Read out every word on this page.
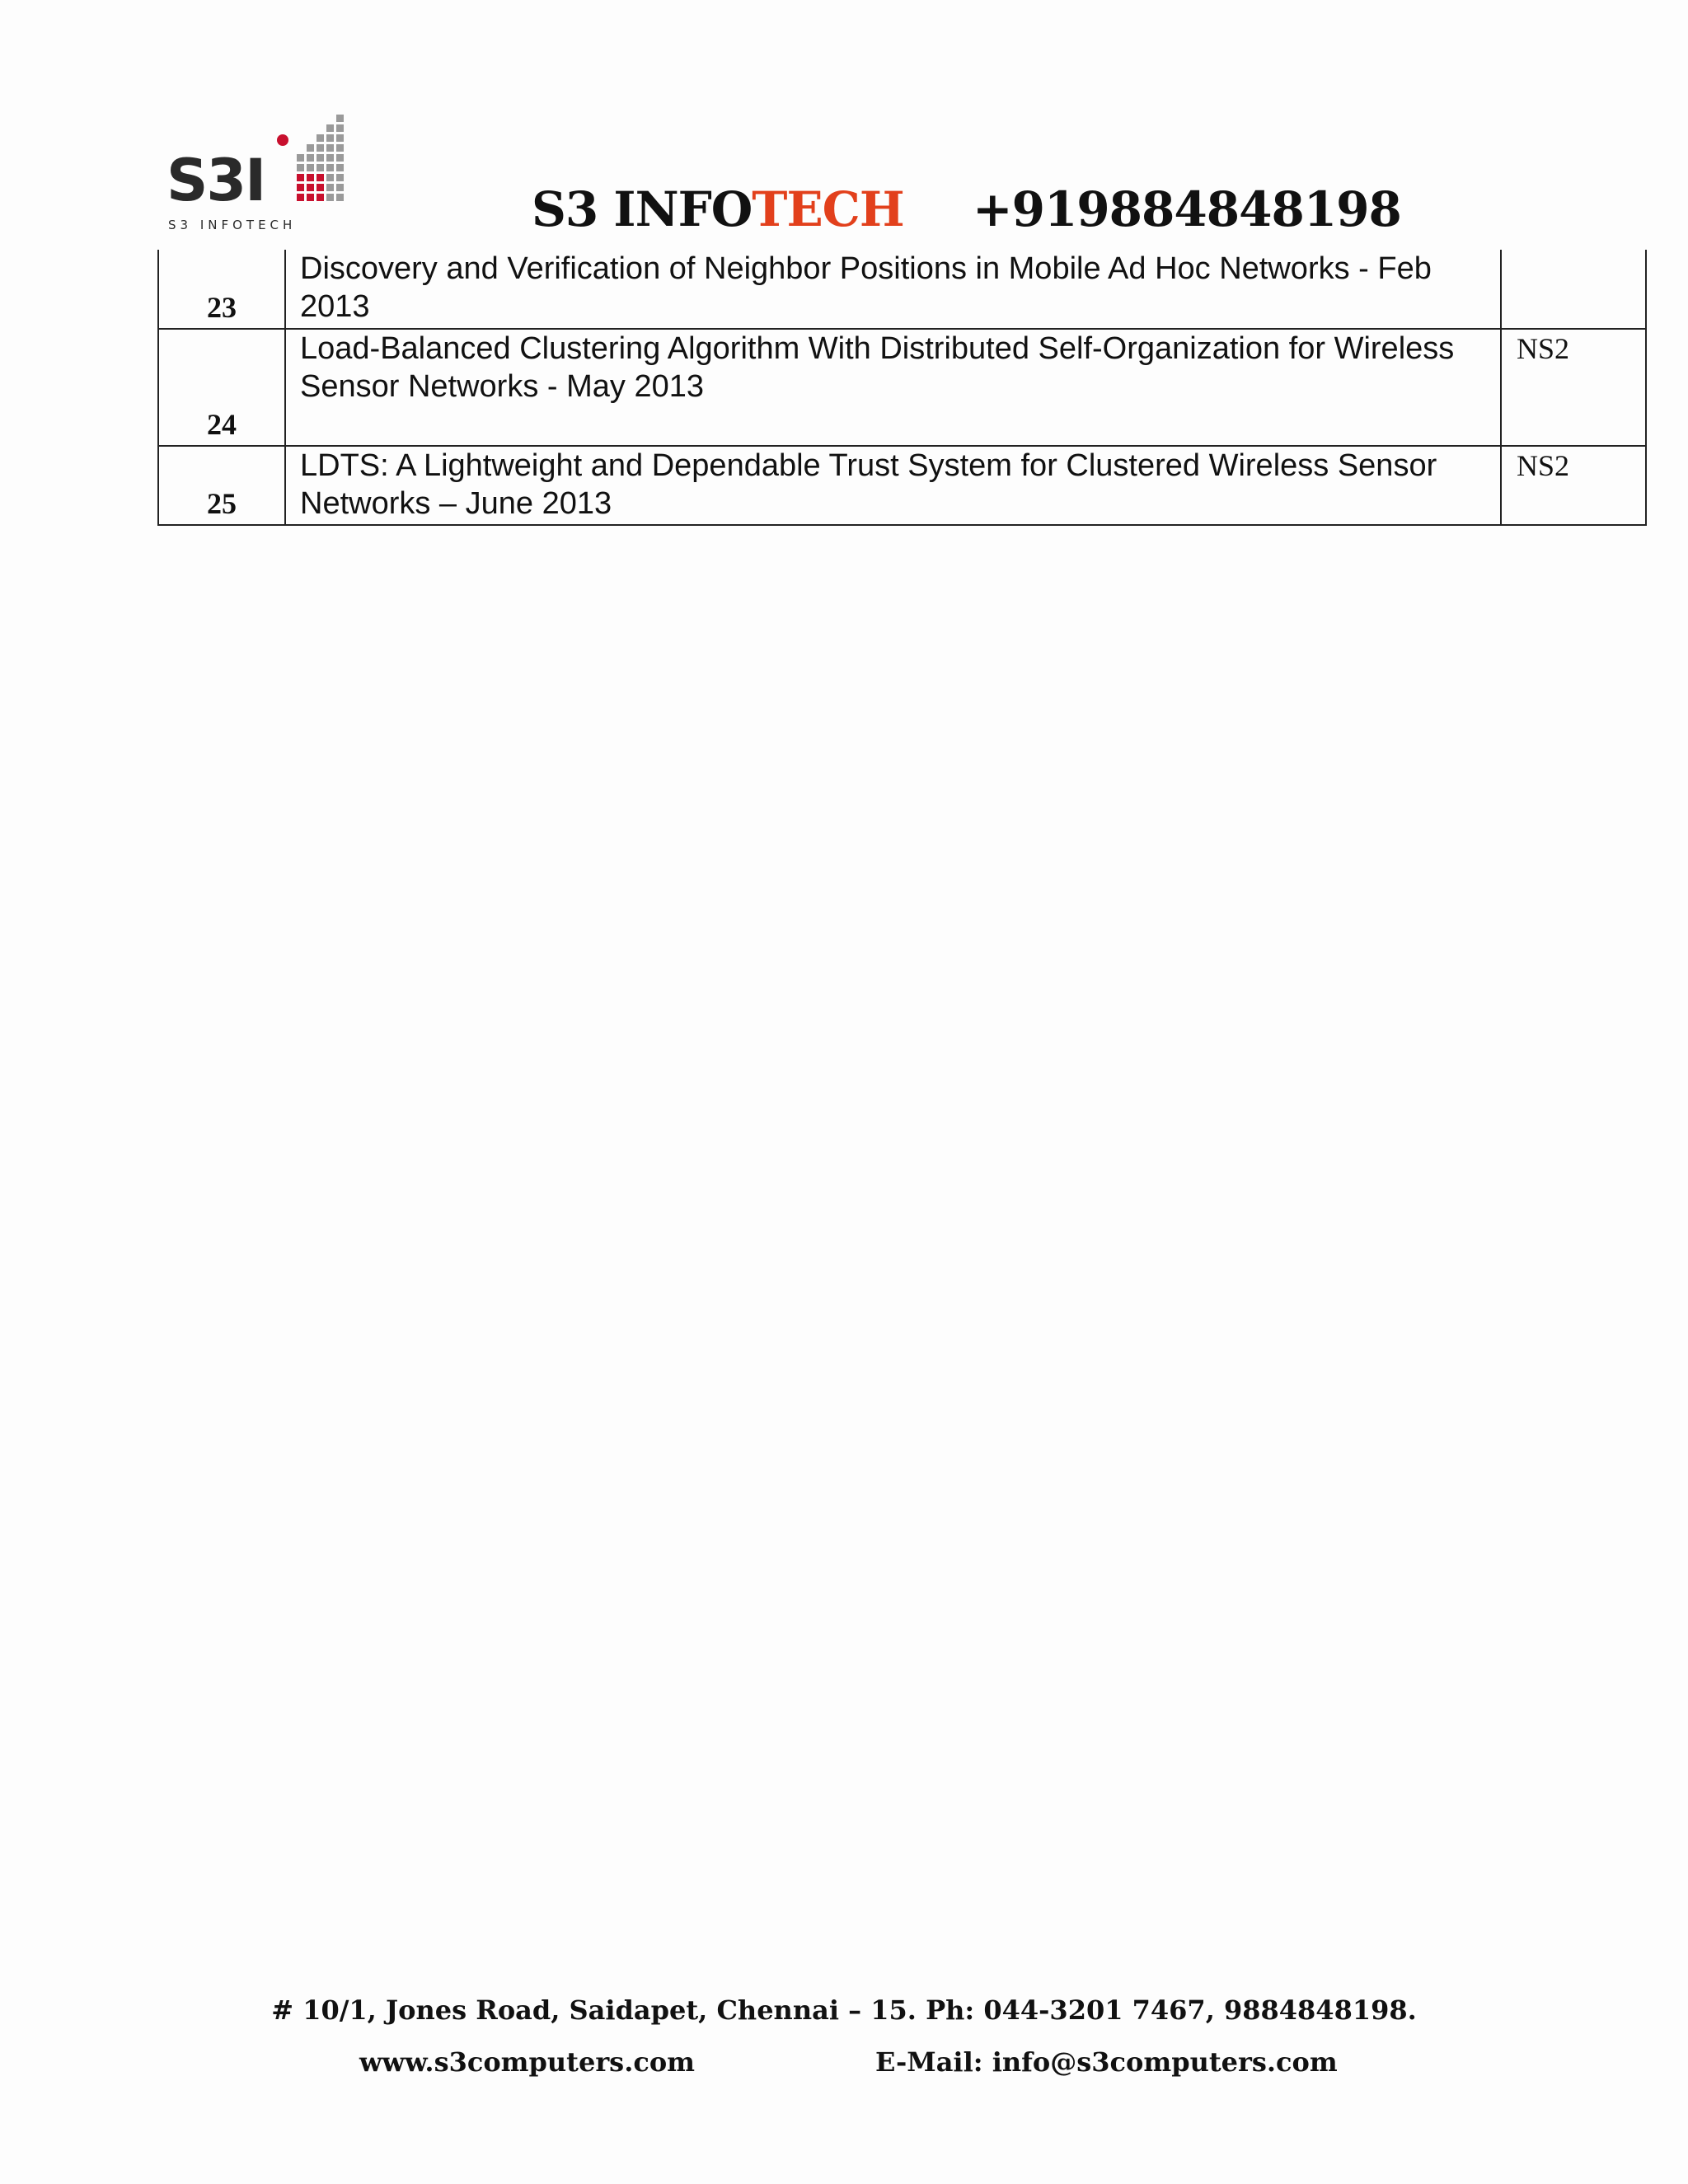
S3I
S3 INFOTECH	S3 INFOTECH +919884848198
23	Discovery and Verification of Neighbor Positions in Mobile Ad Hoc Networks - Feb 2013	
24	Load-Balanced Clustering Algorithm With Distributed Self-Organization for Wireless Sensor Networks - May 2013	NS2
25	LDTS: A Lightweight and Dependable Trust System for Clustered Wireless Sensor Networks – June 2013	NS2
# 10/1, Jones Road, Saidapet, Chennai – 15. Ph: 044-3201 7467, 9884848198.
www.s3computers.com	E-Mail: info@s3computers.com
